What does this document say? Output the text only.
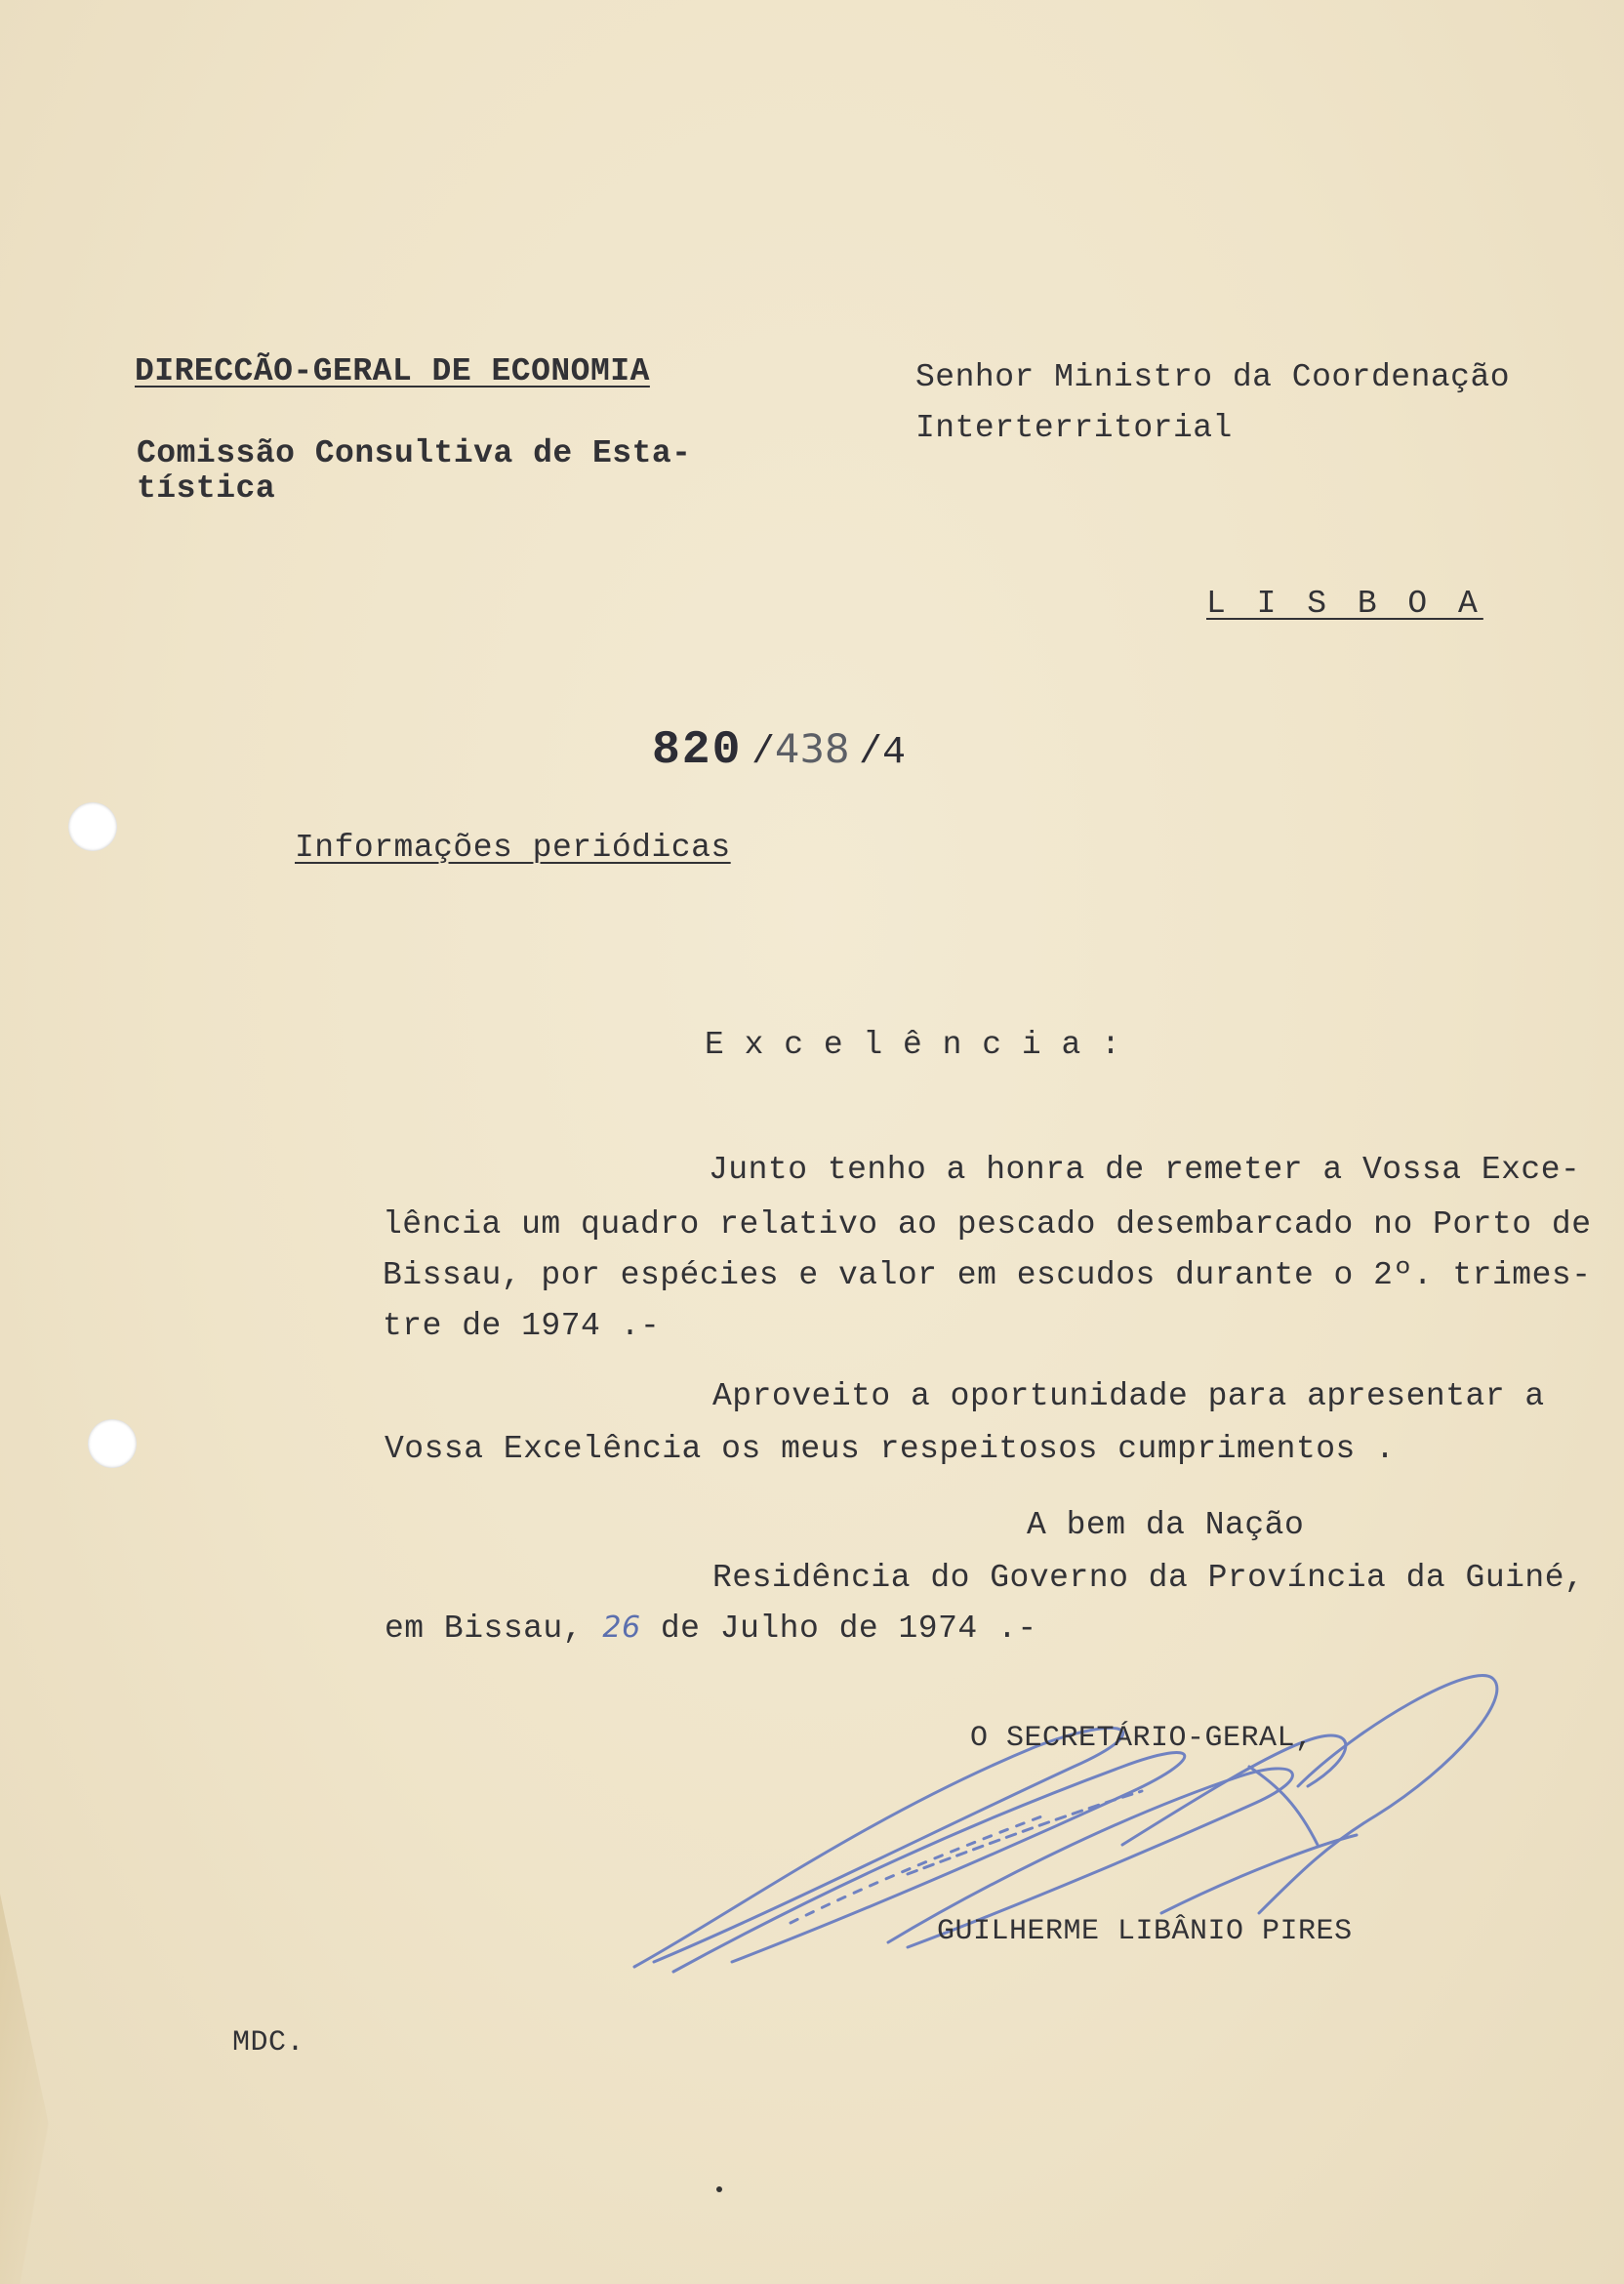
DIRECCÃO-GERAL DE ECONOMIA
Comissão Consultiva de Esta-
tística
Senhor Ministro da Coordenação
Interterritorial
L I S B O A
820 /438 /4
Informações periódicas
E x c e l ê n c i a :
Junto tenho a honra de remeter a Vossa Exce-
lência um quadro relativo ao pescado desembarcado no Porto de
Bissau, por espécies e valor em escudos durante o 2º. trimes-
tre de 1974 .-
Aproveito a oportunidade para apresentar a
Vossa Excelência os meus respeitosos cumprimentos .
A bem da Nação
Residência do Governo da Província da Guiné,
em Bissau, 26 de Julho de 1974 .-
O SECRETÁRIO-GERAL,
GUILHERME LIBÂNIO PIRES
MDC.
